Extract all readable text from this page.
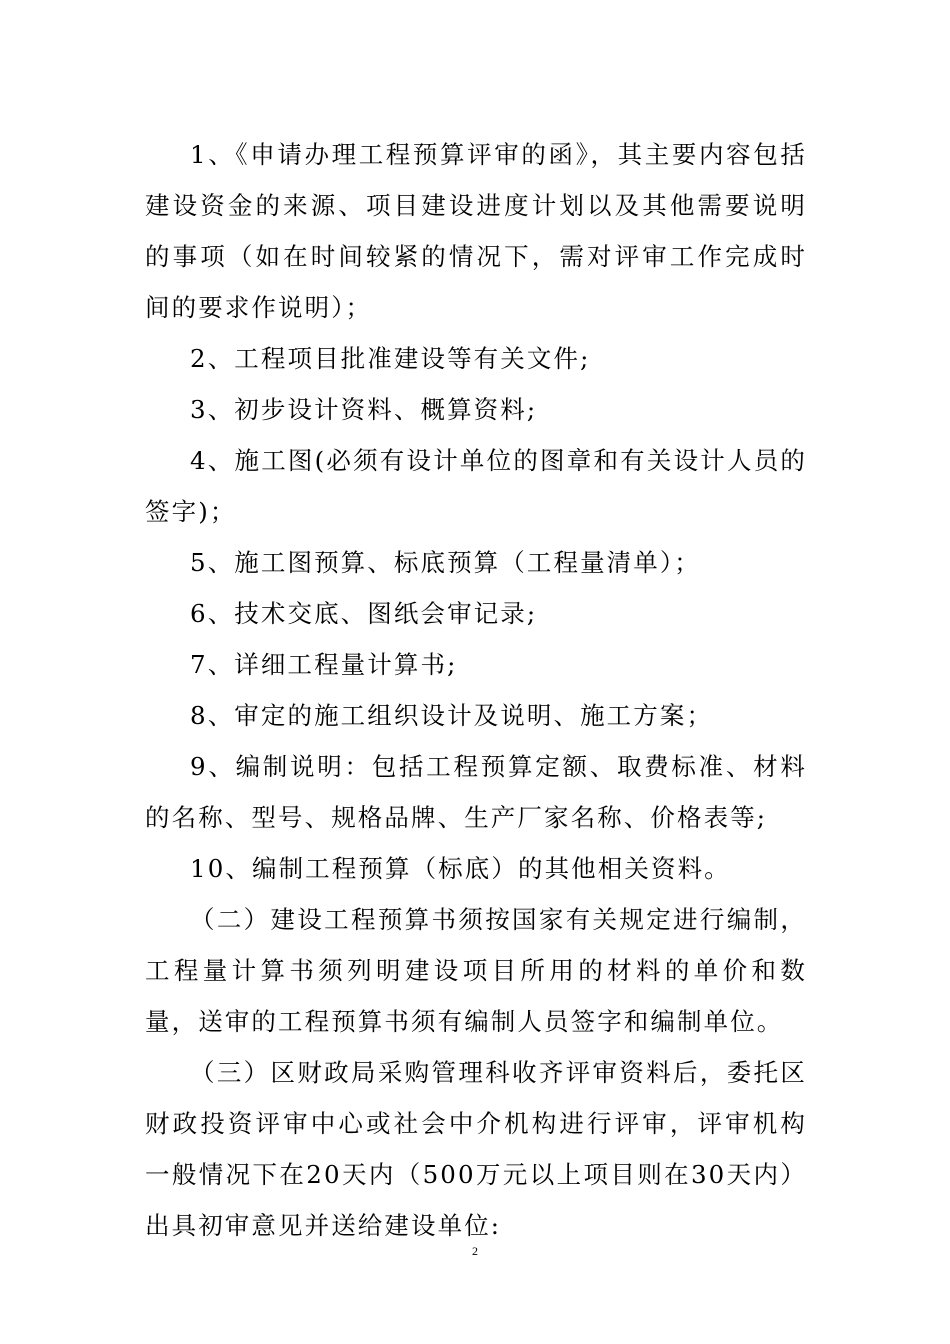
1、《申请办理工程预算评审的函》，其主要内容包括建设资金的来源、项目建设进度计划以及其他需要说明的事项（如在时间较紧的情况下，需对评审工作完成时间的要求作说明）；

2、工程项目批准建设等有关文件;

3、初步设计资料、概算资料;

4、施工图(必须有设计单位的图章和有关设计人员的签字)；

5、施工图预算、标底预算（工程量清单）；

6、技术交底、图纸会审记录;

7、详细工程量计算书;

8、审定的施工组织设计及说明、施工方案；

9、编制说明：包括工程预算定额、取费标准、材料的名称、型号、规格品牌、生产厂家名称、价格表等;

10、编制工程预算（标底）的其他相关资料。

（二）建设工程预算书须按国家有关规定进行编制，工程量计算书须列明建设项目所用的材料的单价和数量，送审的工程预算书须有编制人员签字和编制单位。

（三）区财政局采购管理科收齐评审资料后，委托区财政投资评审中心或社会中介机构进行评审，评审机构一般情况下在20天内（500万元以上项目则在30天内）出具初审意见并送给建设单位:

2
